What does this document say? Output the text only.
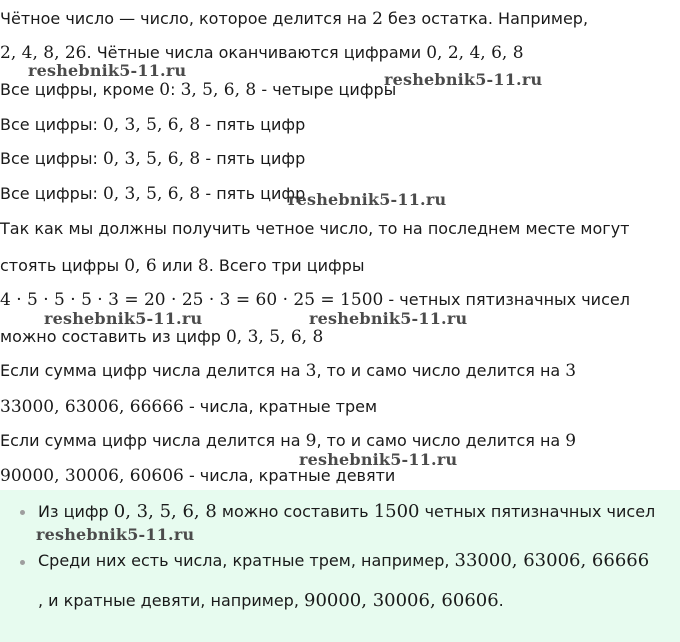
Чётное число — число, которое делится на 2 без остатка. Например,
2, 4, 8, 26. Чётные числа оканчиваются цифрами 0, 2, 4, 6, 8
Все цифры, кроме 0: 3, 5, 6, 8 - четыре цифры
Все цифры: 0, 3, 5, 6, 8 - пять цифр
Все цифры: 0, 3, 5, 6, 8 - пять цифр
Все цифры: 0, 3, 5, 6, 8 - пять цифр
Так как мы должны получить четное число, то на последнем месте могут
стоять цифры 0, 6 или 8. Всего три цифры
4 · 5 · 5 · 5 · 3 = 20 · 25 · 3 = 60 · 25 = 1500 - четных пятизначных чисел
можно составить из цифр 0, 3, 5, 6, 8
Если сумма цифр числа делится на 3, то и само число делится на 3
33000, 63006, 66666 - числа, кратные трем
Если сумма цифр числа делится на 9, то и само число делится на 9
90000, 30006, 60606 - числа, кратные девяти
Из цифр 0, 3, 5, 6, 8 можно составить 1500 четных пятизначных чисел
Среди них есть числа, кратные трем, например, 33000, 63006, 66666
, и кратные девяти, например, 90000, 30006, 60606.
reshebnik5-11.ru	reshebnik5-11.ru
reshebnik5-11.ru
reshebnik5-11.ru	reshebnik5-11.ru
reshebnik5-11.ru
reshebnik5-11.ru
